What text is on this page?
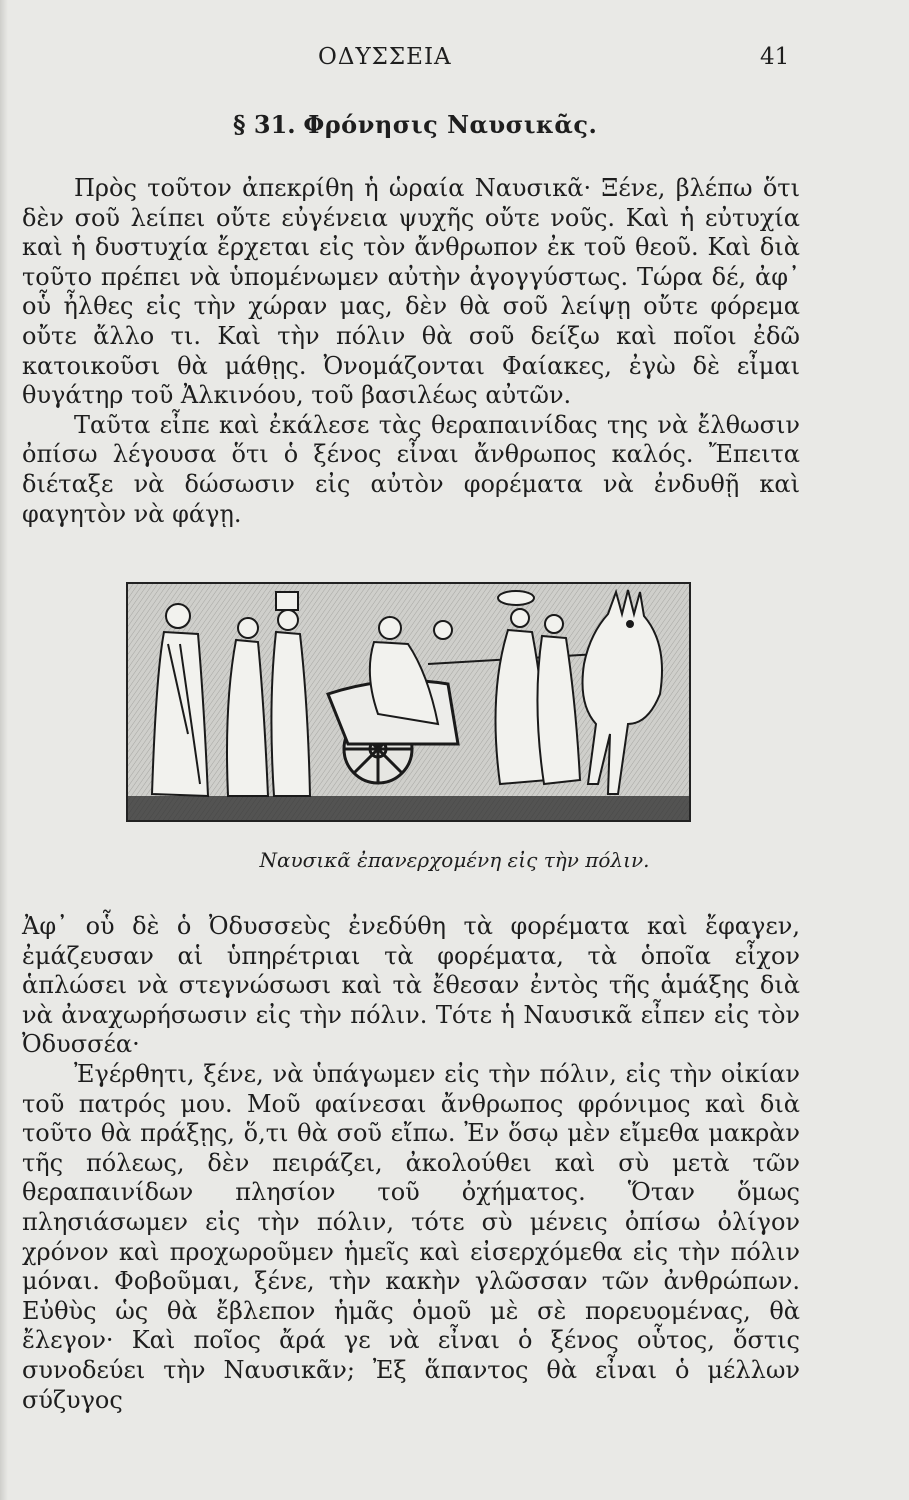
ΟΔΥΣΣΕΙΑ	41
§ 31. Φρόνησις Ναυσικᾶς.

Πρὸς τοῦτον ἀπεκρίθη ἡ ὡραία Ναυσικᾶ· Ξένε, βλέπω ὅτι δὲν σοῦ λείπει οὔτε εὐγένεια ψυχῆς οὔτε νοῦς. Καὶ ἡ εὐτυχία καὶ ἡ δυστυχία ἔρχεται εἰς τὸν ἄνθρωπον ἐκ τοῦ θεοῦ. Καὶ διὰ τοῦτο πρέπει νὰ ὑπομένωμεν αὐτὴν ἀγογγύστως. Τώρα δέ, ἀφ᾽ οὗ ἦλθες εἰς τὴν χώραν μας, δὲν θὰ σοῦ λείψῃ οὔτε φόρεμα οὔτε ἄλλο τι. Καὶ τὴν πόλιν θὰ σοῦ δείξω καὶ ποῖοι ἐδῶ κατοικοῦσι θὰ μάθῃς. Ὀνομάζονται Φαίακες, ἐγὼ δὲ εἶμαι θυγάτηρ τοῦ Ἀλκινόου, τοῦ βασιλέως αὐτῶν.

Ταῦτα εἶπε καὶ ἐκάλεσε τὰς θεραπαινίδας της νὰ ἔλθωσιν ὀπίσω λέγουσα ὅτι ὁ ξένος εἶναι ἄνθρωπος καλός. Ἔπειτα διέταξε νὰ δώσωσιν εἰς αὐτὸν φορέματα νὰ ἐνδυθῇ καὶ φαγητὸν νὰ φάγῃ.

Ναυσικᾶ ἐπανερχομένη εἰς τὴν πόλιν.

Ἀφ᾽ οὗ δὲ ὁ Ὀδυσσεὺς ἐνεδύθη τὰ φορέματα καὶ ἔφαγεν, ἐμάζευσαν αἱ ὑπηρέτριαι τὰ φορέματα, τὰ ὁποῖα εἶχον ἁπλώσει νὰ στεγνώσωσι καὶ τὰ ἔθεσαν ἐντὸς τῆς ἁμάξης διὰ νὰ ἀναχωρήσωσιν εἰς τὴν πόλιν. Τότε ἡ Ναυσικᾶ εἶπεν εἰς τὸν Ὀδυσσέα·

Ἐγέρθητι, ξένε, νὰ ὑπάγωμεν εἰς τὴν πόλιν, εἰς τὴν οἰκίαν τοῦ πατρός μου. Μοῦ φαίνεσαι ἄνθρωπος φρόνιμος καὶ διὰ τοῦτο θὰ πράξῃς, ὅ,τι θὰ σοῦ εἴπω. Ἐν ὅσῳ μὲν εἴμεθα μακρὰν τῆς πόλεως, δὲν πειράζει, ἀκολούθει καὶ σὺ μετὰ τῶν θεραπαινίδων πλησίον τοῦ ὀχήματος. Ὅταν ὅμως πλησιάσωμεν εἰς τὴν πόλιν, τότε σὺ μένεις ὀπίσω ὀλίγον χρόνον καὶ προχωροῦμεν ἡμεῖς καὶ εἰσερχόμεθα εἰς τὴν πόλιν μόναι. Φοβοῦμαι, ξένε, τὴν κακὴν γλῶσσαν τῶν ἀνθρώπων. Εὐθὺς ὡς θὰ ἔβλεπον ἡμᾶς ὁμοῦ μὲ σὲ πορευομένας, θὰ ἔλεγον· Καὶ ποῖος ἄρά γε νὰ εἶναι ὁ ξένος οὗτος, ὅστις συνοδεύει τὴν Ναυσικᾶν; Ἐξ ἅπαντος θὰ εἶναι ὁ μέλλων σύζυγος
